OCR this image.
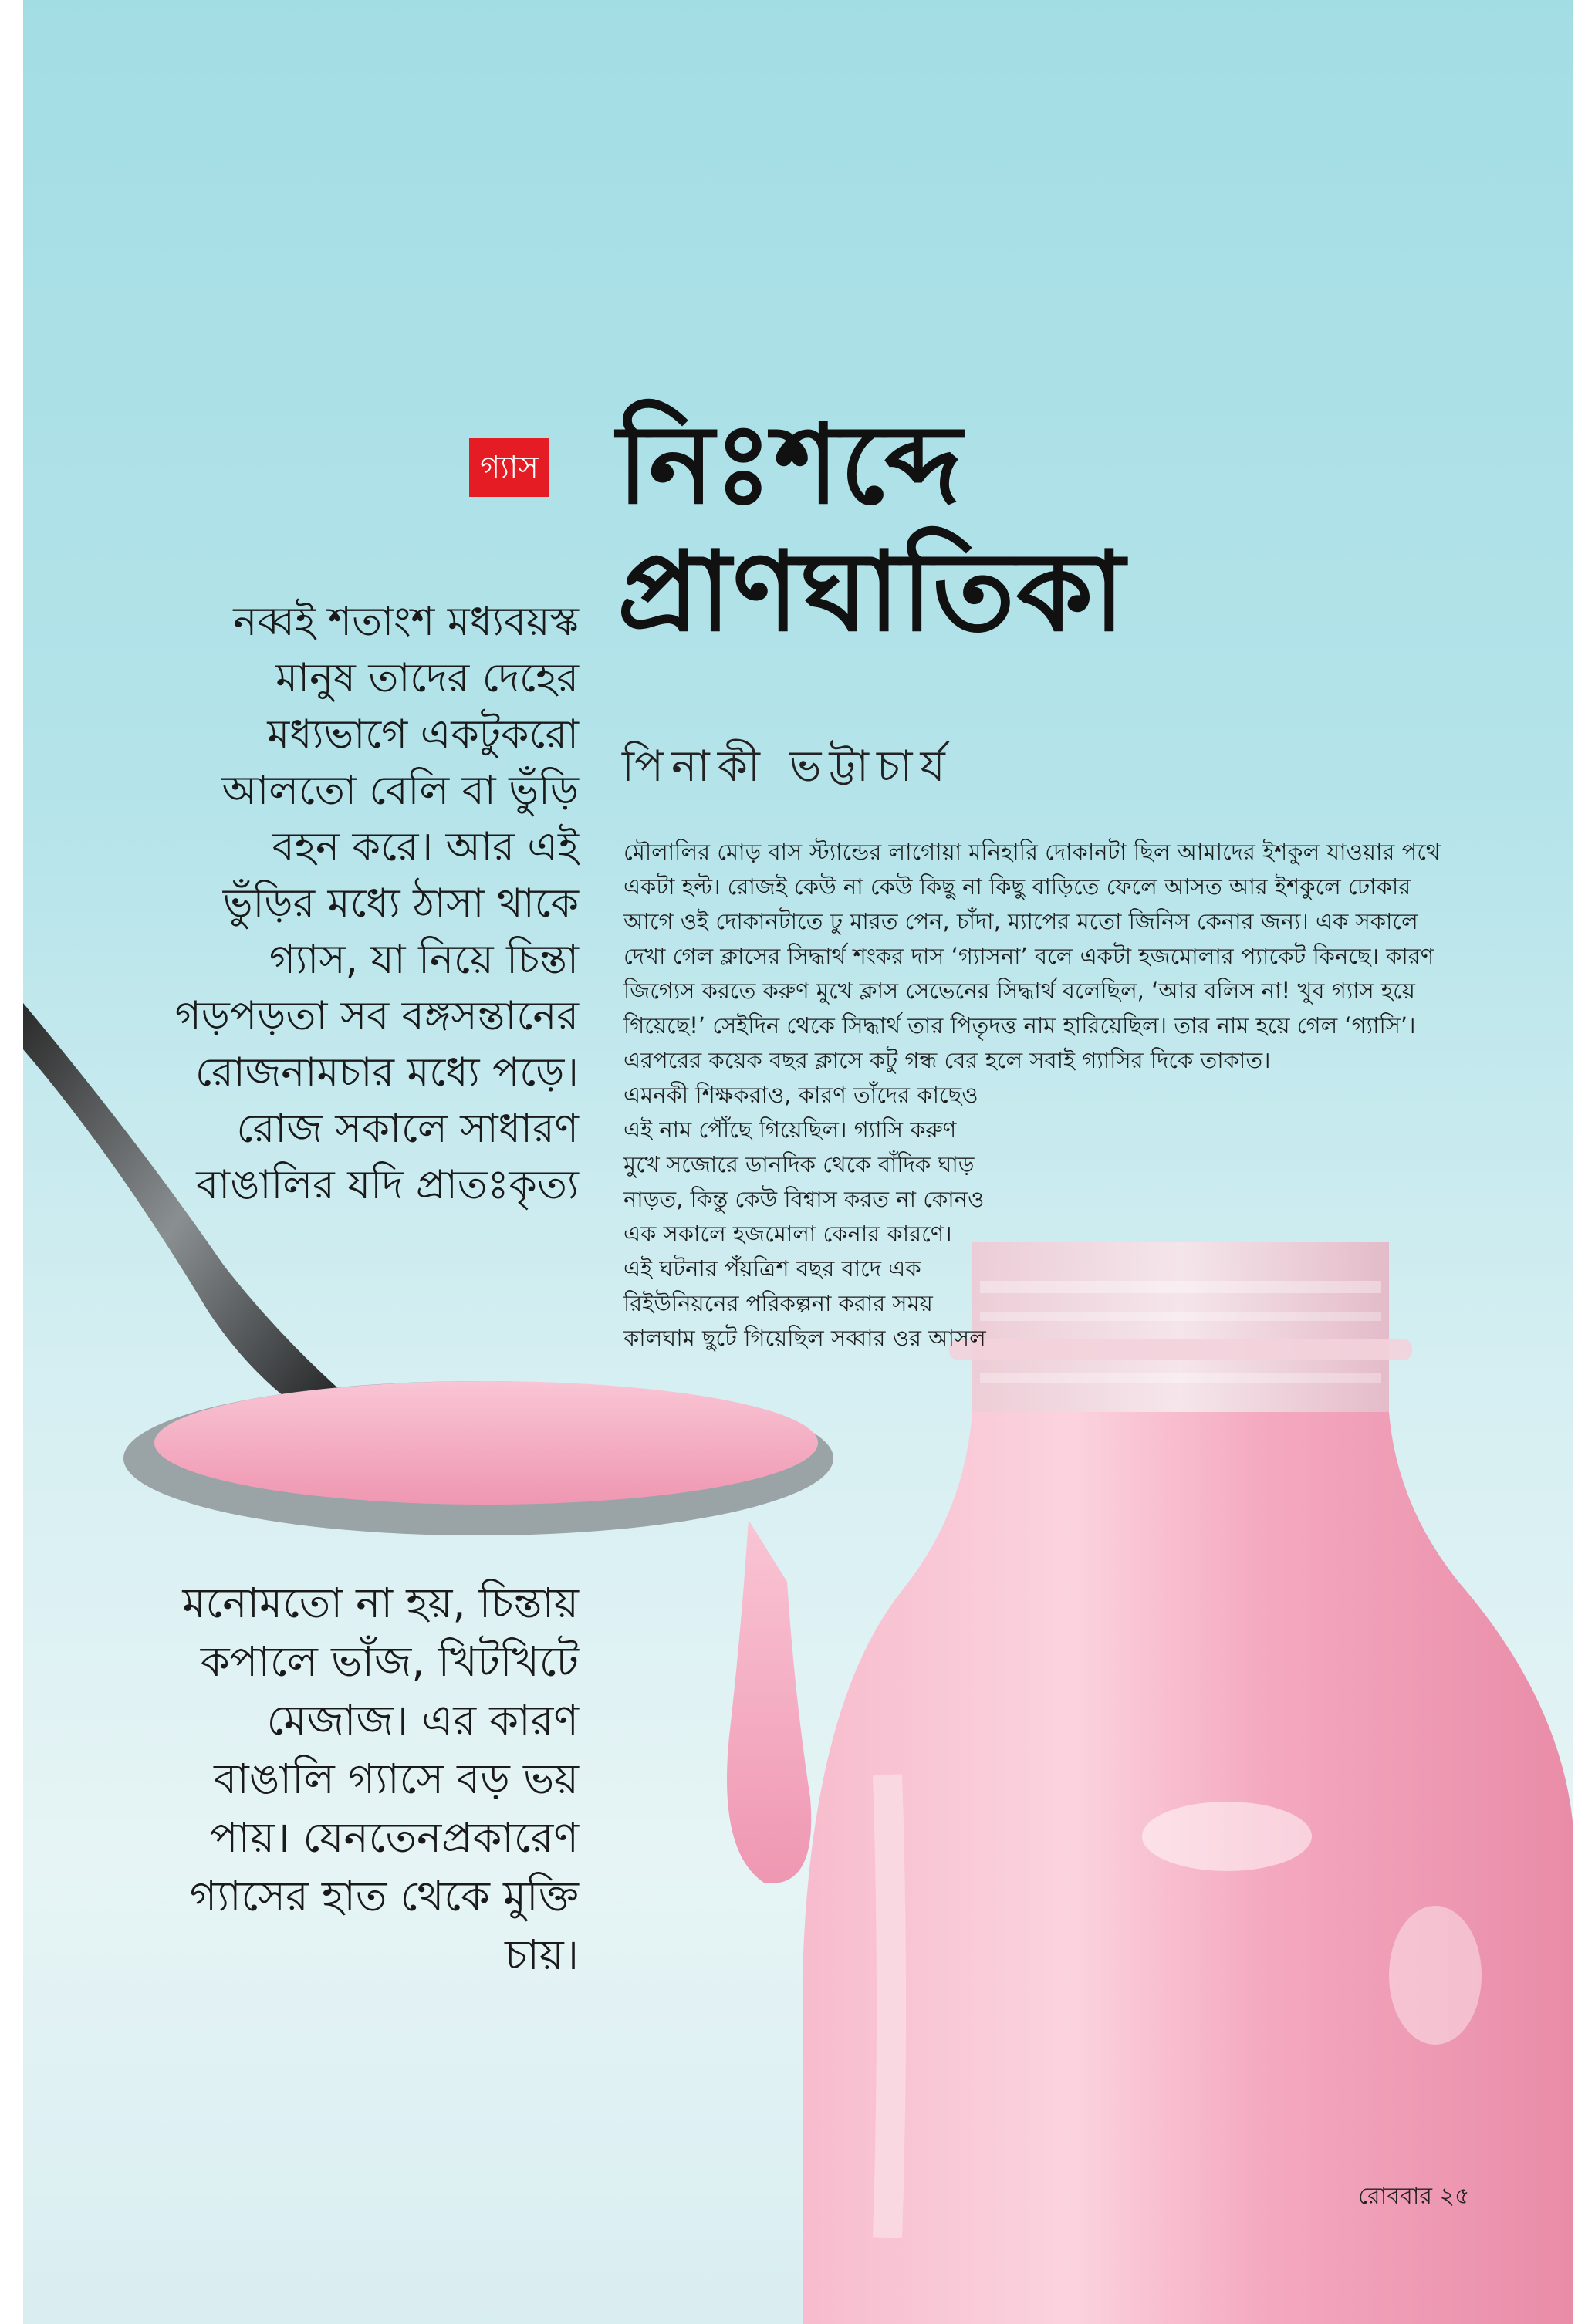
গ্যাস নিঃশব্দে
প্রাণঘাতিকা
পিনাকী ভট্টাচার্য
নব্বই শতাংশ মধ্যবয়স্ক মানুষ তাদের দেহের মধ্যভাগে একটুকরো আলতো বেলি বা ভুঁড়ি বহন করে। আর এই ভুঁড়ির মধ্যে ঠাসা থাকে গ্যাস, যা নিয়ে চিন্তা গড়পড়তা সব বঙ্গসন্তানের রোজনামচার মধ্যে পড়ে। রোজ সকালে সাধারণ বাঙালির যদি প্রাতঃকৃত্য
মৌলালির মোড় বাস স্ট্যান্ডের লাগোয়া মনিহারি দোকানটা ছিল আমাদের ইশকুল যাওয়ার পথে একটা হল্ট। রোজই কেউ না কেউ কিছু না কিছু বাড়িতে ফেলে আসত আর ইশকুলে ঢোকার আগে ওই দোকানটাতে ঢু মারত পেন, চাঁদা, ম্যাপের মতো জিনিস কেনার জন্য। এক সকালে দেখা গেল ক্লাসের সিদ্ধার্থ শংকর দাস ‘গ্যাসনা’ বলে একটা হজমোলার প্যাকেট কিনছে। কারণ জিগ্যেস করতে করুণ মুখে ক্লাস সেভেনের সিদ্ধার্থ বলেছিল, ‘আর বলিস না! খুব গ্যাস হয়ে গিয়েছে!’ সেইদিন থেকে সিদ্ধার্থ তার পিতৃদত্ত নাম হারিয়েছিল। তার নাম হয়ে গেল ‘গ্যাসি’। এরপরের কয়েক বছর ক্লাসে কটু গন্ধ বের হলে সবাই গ্যাসির দিকে তাকাত।
এমনকী শিক্ষকরাও, কারণ তাঁদের কাছেও এই নাম পৌঁছে গিয়েছিল। গ্যাসি করুণ মুখে সজোরে ডানদিক থেকে বাঁদিক ঘাড় নাড়ত, কিন্তু কেউ বিশ্বাস করত না কোনও এক সকালে হজমোলা কেনার কারণে। এই ঘটনার পঁয়ত্রিশ বছর বাদে এক রিইউনিয়নের পরিকল্পনা করার সময় কালঘাম ছুটে গিয়েছিল সব্বার ওর আসল
মনোমতো না হয়, চিন্তায় কপালে ভাঁজ, খিটখিটে মেজাজ। এর কারণ বাঙালি গ্যাসে বড় ভয় পায়। যেনতেনপ্রকারেণ গ্যাসের হাত থেকে মুক্তি চায়।
রোববার ২৫
